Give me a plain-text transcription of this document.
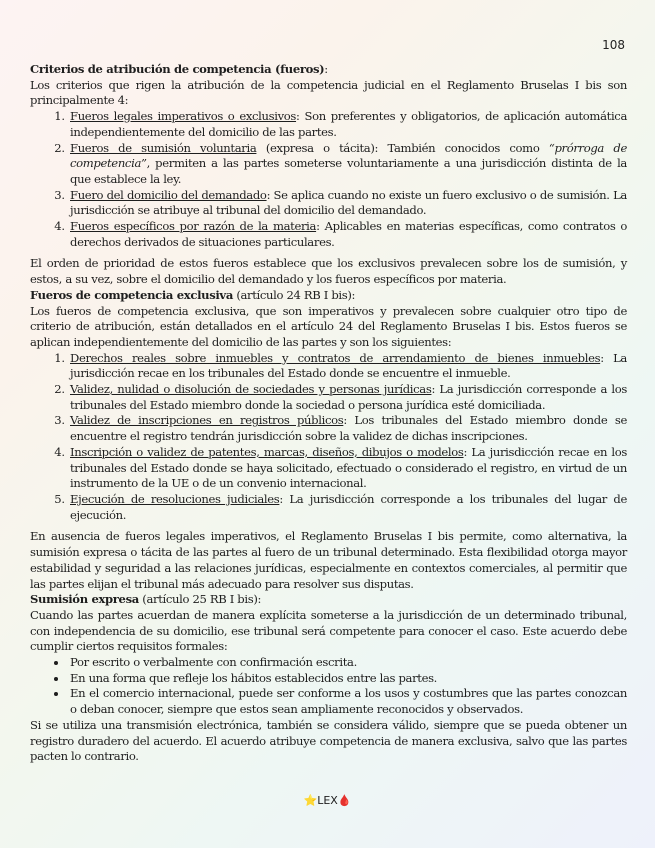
108

Criterios de atribución de competencia (fueros):

Los criterios que rigen la atribución de la competencia judicial en el Reglamento Bruselas I bis son principalmente 4:

1. Fueros legales imperativos o exclusivos: Son preferentes y obligatorios, de aplicación automática independientemente del domicilio de las partes.
2. Fueros de sumisión voluntaria (expresa o tácita): También conocidos como “prórroga de competencia”, permiten a las partes someterse voluntariamente a una jurisdicción distinta de la que establece la ley.
3. Fuero del domicilio del demandado: Se aplica cuando no existe un fuero exclusivo o de sumisión. La jurisdicción se atribuye al tribunal del domicilio del demandado.
4. Fueros específicos por razón de la materia: Aplicables en materias específicas, como contratos o derechos derivados de situaciones particulares.

El orden de prioridad de estos fueros establece que los exclusivos prevalecen sobre los de sumisión, y estos, a su vez, sobre el domicilio del demandado y los fueros específicos por materia.

Fueros de competencia exclusiva (artículo 24 RB I bis):

Los fueros de competencia exclusiva, que son imperativos y prevalecen sobre cualquier otro tipo de criterio de atribución, están detallados en el artículo 24 del Reglamento Bruselas I bis. Estos fueros se aplican independientemente del domicilio de las partes y son los siguientes:

1. Derechos reales sobre inmuebles y contratos de arrendamiento de bienes inmuebles: La jurisdicción recae en los tribunales del Estado donde se encuentre el inmueble.
2. Validez, nulidad o disolución de sociedades y personas jurídicas: La jurisdicción corresponde a los tribunales del Estado miembro donde la sociedad o persona jurídica esté domiciliada.
3. Validez de inscripciones en registros públicos: Los tribunales del Estado miembro donde se encuentre el registro tendrán jurisdicción sobre la validez de dichas inscripciones.
4. Inscripción o validez de patentes, marcas, diseños, dibujos o modelos: La jurisdicción recae en los tribunales del Estado donde se haya solicitado, efectuado o considerado el registro, en virtud de un instrumento de la UE o de un convenio internacional.
5. Ejecución de resoluciones judiciales: La jurisdicción corresponde a los tribunales del lugar de ejecución.

En ausencia de fueros legales imperativos, el Reglamento Bruselas I bis permite, como alternativa, la sumisión expresa o tácita de las partes al fuero de un tribunal determinado. Esta flexibilidad otorga mayor estabilidad y seguridad a las relaciones jurídicas, especialmente en contextos comerciales, al permitir que las partes elijan el tribunal más adecuado para resolver sus disputas.

Sumisión expresa (artículo 25 RB I bis):

Cuando las partes acuerdan de manera explícita someterse a la jurisdicción de un determinado tribunal, con independencia de su domicilio, ese tribunal será competente para conocer el caso. Este acuerdo debe cumplir ciertos requisitos formales:

• Por escrito o verbalmente con confirmación escrita.
• En una forma que refleje los hábitos establecidos entre las partes.
• En el comercio internacional, puede ser conforme a los usos y costumbres que las partes conozcan o deban conocer, siempre que estos sean ampliamente reconocidos y observados.

Si se utiliza una transmisión electrónica, también se considera válido, siempre que se pueda obtener un registro duradero del acuerdo. El acuerdo atribuye competencia de manera exclusiva, salvo que las partes pacten lo contrario.

⭐LEX🩸
